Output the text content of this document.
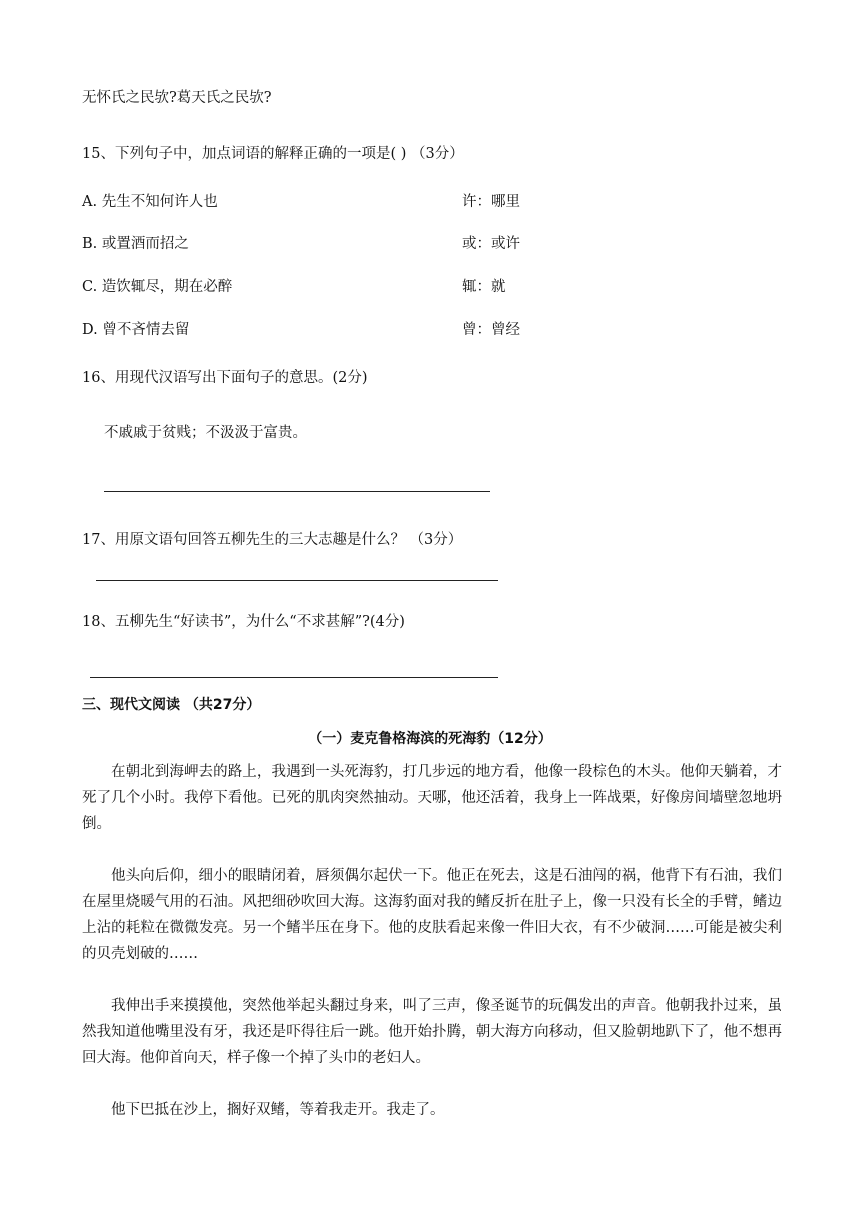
无怀氏之民欤?葛天氏之民欤?
15、下列句子中，加点词语的解释正确的一项是( ) （3分）
A. 先生不知何许人也	许：哪里
B. 或置酒而招之	或：或许
C. 造饮辄尽，期在必醉	辄：就
D. 曾不吝情去留	曾：曾经
16、用现代汉语写出下面句子的意思。(2分)
不戚戚于贫贱；不汲汲于富贵。
17、用原文语句回答五柳先生的三大志趣是什么？ （3分）
18、五柳先生“好读书”，为什么“不求甚解”?(4分)
三、现代文阅读 （共27分）
（一）麦克鲁格海滨的死海豹（12分）

在朝北到海岬去的路上，我遇到一头死海豹，打几步远的地方看，他像一段棕色的木头。他仰天躺着，才死了几个小时。我停下看他。已死的肌肉突然抽动。天哪，他还活着，我身上一阵战栗，好像房间墙壁忽地坍倒。

他头向后仰，细小的眼睛闭着，唇须偶尔起伏一下。他正在死去，这是石油闯的祸，他背下有石油，我们在屋里烧暖气用的石油。风把细砂吹回大海。这海豹面对我的鳍反折在肚子上，像一只没有长全的手臂，鳍边上沾的耗粒在微微发亮。另一个鳍半压在身下。他的皮肤看起来像一件旧大衣，有不少破洞……可能是被尖利的贝壳划破的……

我伸出手来摸摸他，突然他举起头翻过身来，叫了三声，像圣诞节的玩偶发出的声音。他朝我扑过来，虽然我知道他嘴里没有牙，我还是吓得往后一跳。他开始扑腾，朝大海方向移动，但又脸朝地趴下了，他不想再回大海。他仰首向天，样子像一个掉了头巾的老妇人。

他下巴抵在沙上，搁好双鳍，等着我走开。我走了。
